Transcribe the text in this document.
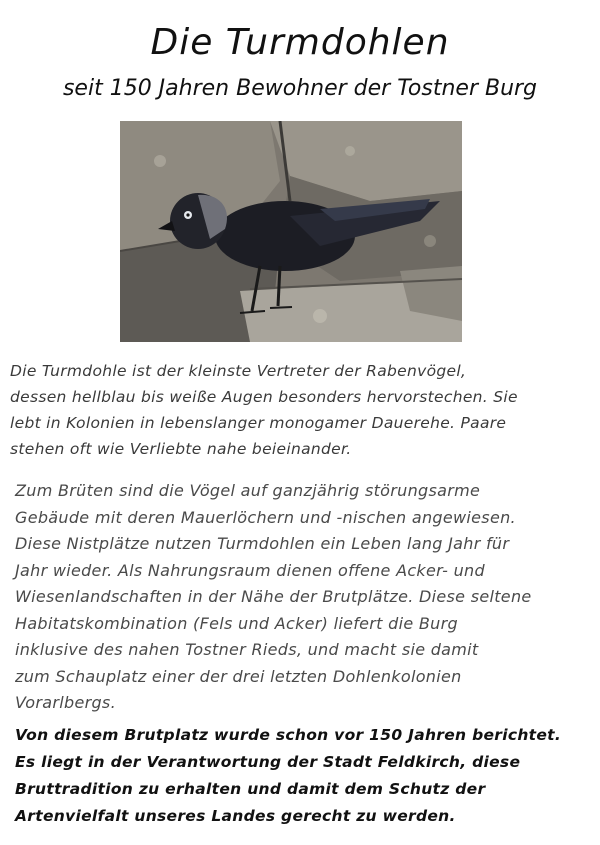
Die Turmdohlen
seit 150 Jahren Bewohner der Tostner Burg
Die Turmdohle ist der kleinste Vertreter der Rabenvögel,
dessen hellblau bis weiße Augen besonders hervorstechen. Sie
lebt in Kolonien in lebenslanger monogamer Dauerehe. Paare
stehen oft wie Verliebte nahe beieinander.
Zum Brüten sind die Vögel auf ganzjährig störungsarme
Gebäude mit deren Mauerlöchern und -nischen angewiesen.
Diese Nistplätze nutzen Turmdohlen ein Leben lang Jahr für
Jahr wieder. Als Nahrungsraum dienen offene Acker- und
Wiesenlandschaften in der Nähe der Brutplätze. Diese seltene
Habitatskombination (Fels und Acker) liefert die Burg
inklusive des nahen Tostner Rieds, und macht sie damit
zum Schauplatz einer der drei letzten Dohlenkolonien
Vorarlbergs.
Von diesem Brutplatz wurde schon vor 150 Jahren berichtet.
Es liegt in der Verantwortung der Stadt Feldkirch, diese
Bruttradition zu erhalten und damit dem Schutz der
Artenvielfalt unseres Landes gerecht zu werden.
